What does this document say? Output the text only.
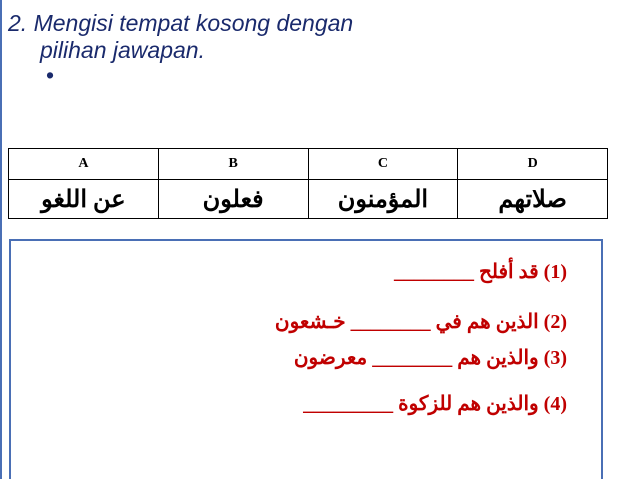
2. Mengisi tempat kosong dengan
pilihan jawapan.
•
A	B	C	D
عن اللغو	فعلون	المؤمنون	صلاتهم
(1) قد أفلح ________
(2) الذين هم في ________ خـشعون
(3) والذين هم ________ معرضون
(4) والذين هم للزكوة _________
